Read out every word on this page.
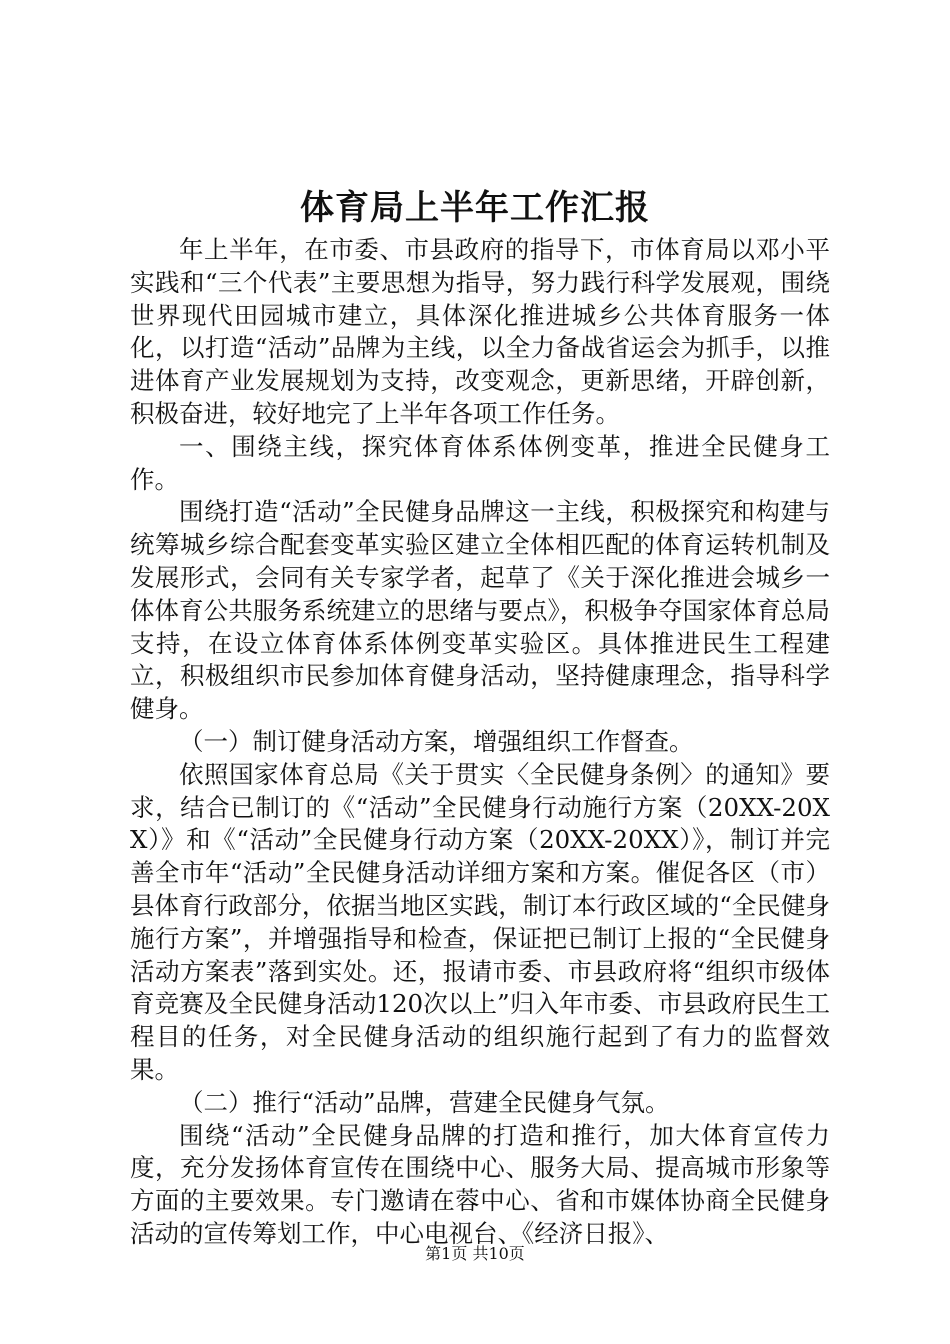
体育局上半年工作汇报

年上半年，在市委、市县政府的指导下，市体育局以邓小平实践和“三个代表”主要思想为指导，努力践行科学发展观，围绕世界现代田园城市建立，具体深化推进城乡公共体育服务一体化，以打造“活动”品牌为主线，以全力备战省运会为抓手，以推进体育产业发展规划为支持，改变观念，更新思绪，开辟创新，积极奋进，较好地完了上半年各项工作任务。

一、围绕主线，探究体育体系体例变革，推进全民健身工作。

围绕打造“活动”全民健身品牌这一主线，积极探究和构建与统筹城乡综合配套变革实验区建立全体相匹配的体育运转机制及发展形式，会同有关专家学者，起草了《关于深化推进会城乡一体体育公共服务系统建立的思绪与要点》，积极争夺国家体育总局支持，在设立体育体系体例变革实验区。具体推进民生工程建立，积极组织市民参加体育健身活动，坚持健康理念，指导科学健身。

（一）制订健身活动方案，增强组织工作督查。

依照国家体育总局《关于贯实〈全民健身条例〉的通知》要求，结合已制订的《“活动”全民健身行动施行方案（20XX-20XX）》和《“活动”全民健身行动方案（20XX-20XX）》，制订并完善全市年“活动”全民健身活动详细方案和方案。催促各区（市）县体育行政部分，依据当地区实践，制订本行政区域的“全民健身施行方案”，并增强指导和检查，保证把已制订上报的“全民健身活动方案表”落到实处。还，报请市委、市县政府将“组织市级体育竞赛及全民健身活动120次以上”归入年市委、市县政府民生工程目的任务，对全民健身活动的组织施行起到了有力的监督效果。

（二）推行“活动”品牌，营建全民健身气氛。

围绕“活动”全民健身品牌的打造和推行，加大体育宣传力度，充分发扬体育宣传在围绕中心、服务大局、提高城市形象等方面的主要效果。专门邀请在蓉中心、省和市媒体协商全民健身活动的宣传筹划工作，中心电视台、《经济日报》、

第1页 共10页
